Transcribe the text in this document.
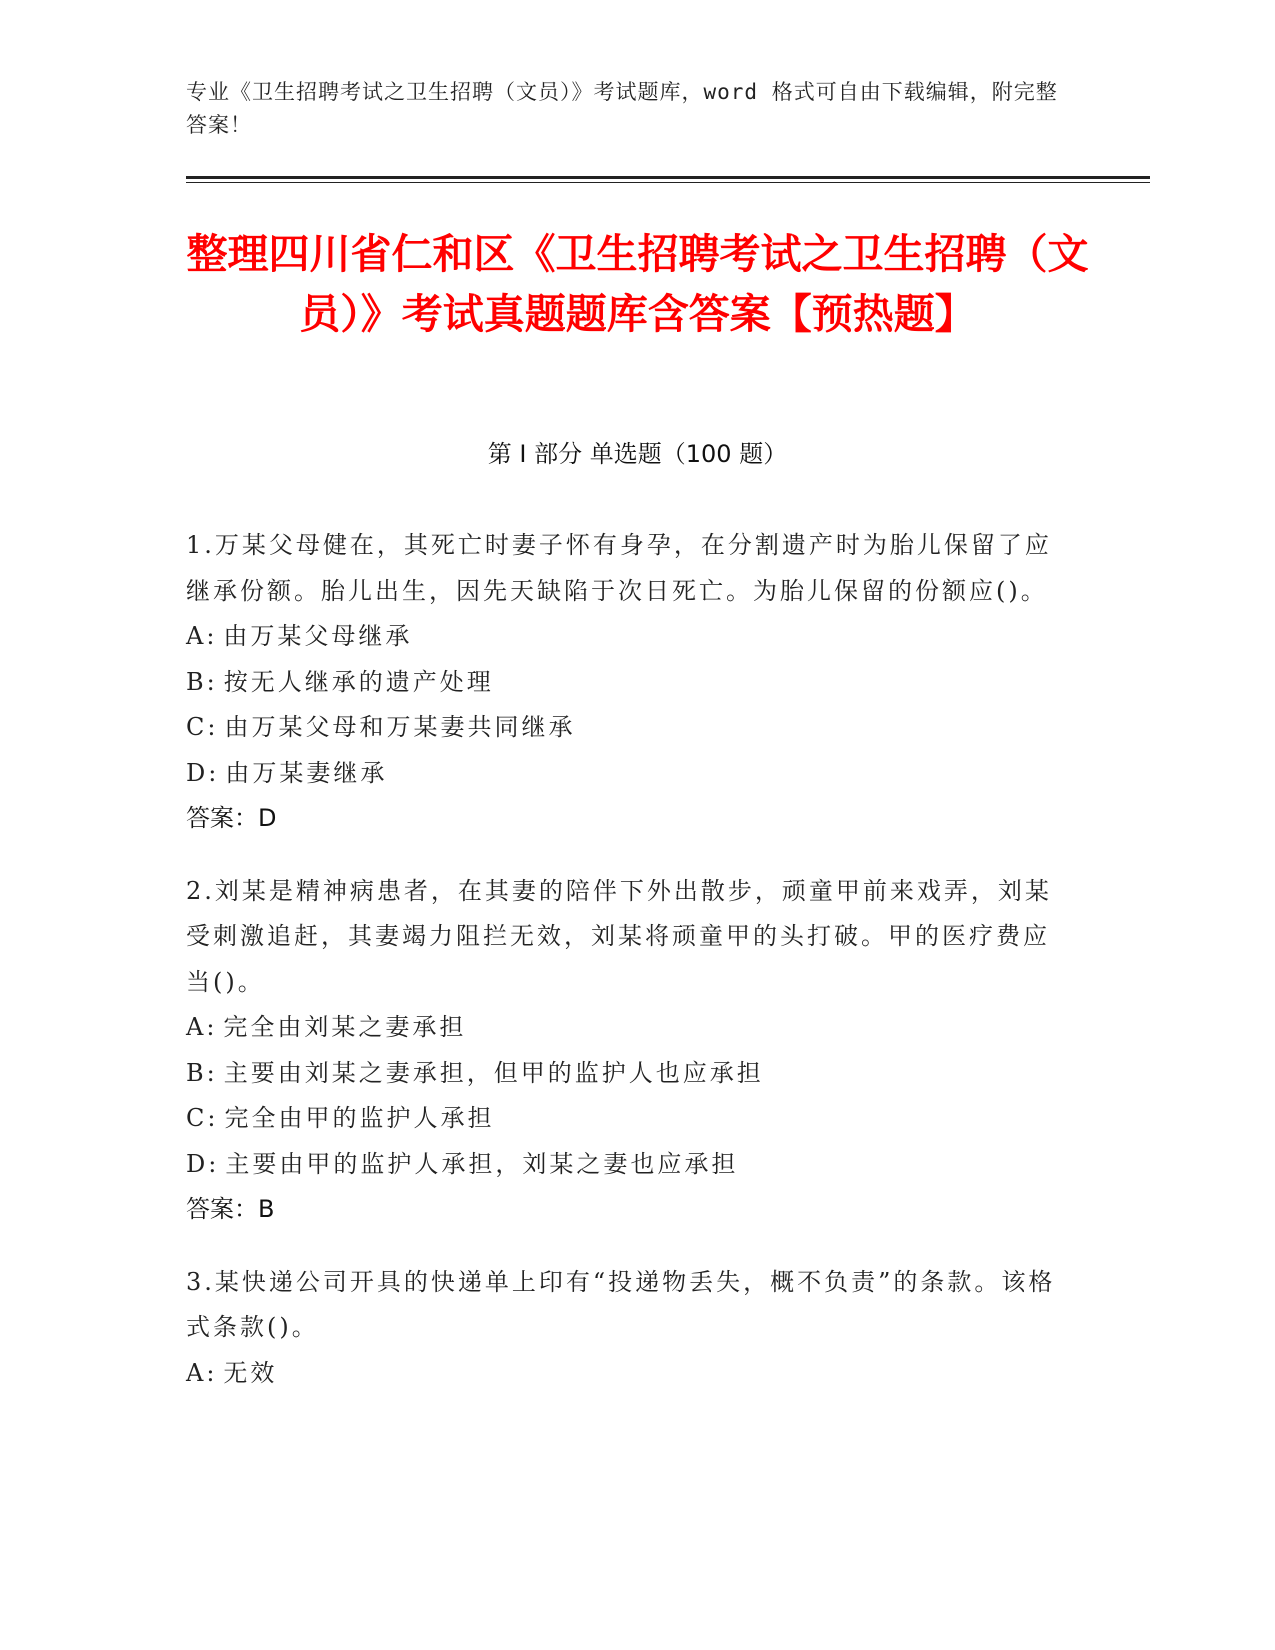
专业《卫生招聘考试之卫生招聘（文员）》考试题库，word 格式可自由下载编辑，附完整答案！
整理四川省仁和区《卫生招聘考试之卫生招聘（文员）》考试真题题库含答案【预热题】
第 I 部分 单选题（100 题）
1.万某父母健在，其死亡时妻子怀有身孕，在分割遗产时为胎儿保留了应继承份额。胎儿出生，因先天缺陷于次日死亡。为胎儿保留的份额应()。
A: 由万某父母继承
B: 按无人继承的遗产处理
C: 由万某父母和万某妻共同继承
D: 由万某妻继承
答案：D
2.刘某是精神病患者，在其妻的陪伴下外出散步，顽童甲前来戏弄，刘某受刺激追赶，其妻竭力阻拦无效，刘某将顽童甲的头打破。甲的医疗费应当()。
A: 完全由刘某之妻承担
B: 主要由刘某之妻承担，但甲的监护人也应承担
C: 完全由甲的监护人承担
D: 主要由甲的监护人承担，刘某之妻也应承担
答案：B
3.某快递公司开具的快递单上印有“投递物丢失，概不负责”的条款。该格式条款()。
A: 无效
